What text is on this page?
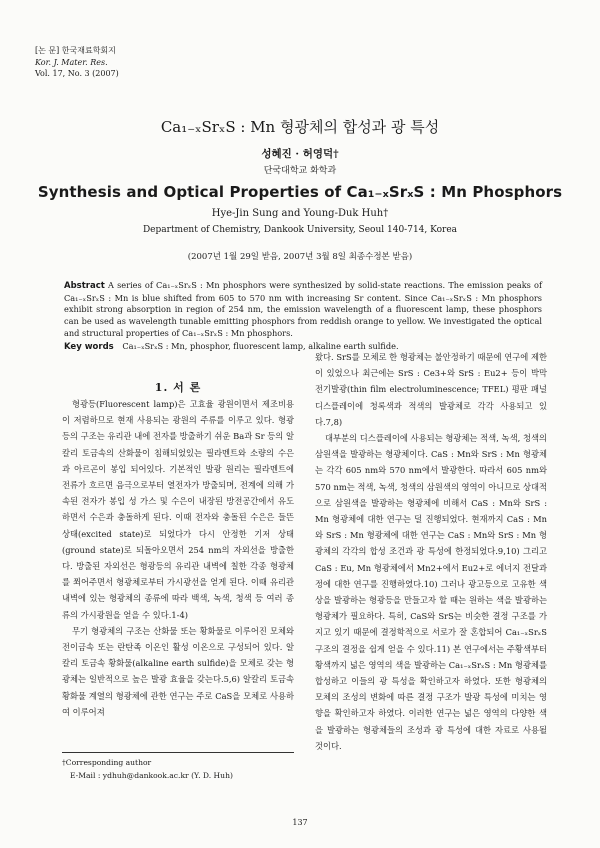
[논 문] 한국재료학회지
Kor. J. Mater. Res.
Vol. 17, No. 3 (2007)
Ca₁₋ₓSrₓS : Mn 형광체의 합성과 광 특성
성혜진 · 허영덕†
단국대학교 화학과
Synthesis and Optical Properties of Ca₁₋ₓSrₓS : Mn Phosphors
Hye-Jin Sung and Young-Duk Huh†
Department of Chemistry, Dankook University, Seoul 140-714, Korea
(2007년 1월 29일 받음, 2007년 3월 8일 최종수정본 받음)
Abstract A series of Ca₁₋ₓSrₓS : Mn phosphors were synthesized by solid-state reactions. The emission peaks of Ca₁₋ₓSrₓS : Mn is blue shifted from 605 to 570 nm with increasing Sr content. Since Ca₁₋ₓSrₓS : Mn phosphors exhibit strong absorption in region of 254 nm, the emission wavelength of a fluorescent lamp, these phosphors can be used as wavelength tunable emitting phosphors from reddish orange to yellow. We investigated the optical and structural properties of Ca₁₋ₓSrₓS : Mn phosphors.
Key words Ca₁₋ₓSrₓS : Mn, phosphor, fluorescent lamp, alkaline earth sulfide.
1. 서 론
형광등(Fluorescent lamp)은 고효율 광원이면서 제조비용이 저렴하므로 현재 사용되는 광원의 주류를 이루고 있다. 형광등의 구조는 유리관 내에 전자를 방출하기 쉬운 Ba과 Sr 등의 알칼리 토금속의 산화물이 침해되었있는 필라멘트와 소량의 수은과 아르곤이 봉입 되어있다. 기본적인 발광 원리는 필라멘트에 전류가 흐르면 음극으로부터 열전자가 방출되며, 전계에 의해 가속된 전자가 봉입 성 가스 및 수은이 내장된 방전공간에서 유도하면서 수은과 충돌하게 된다. 이때 전자와 충돌된 수은은 들뜬 상태(excited state)로 되었다가 다시 안정한 기저 상태(ground state)로 되돌아오면서 254 nm의 자외선을 방출한다. 방출된 자외선은 형광등의 유리관 내벽에 칠한 각종 형광체를 쬐어주면서 형광체로부터 가시광선을 얻게 된다. 이때 유리관 내벽에 있는 형광체의 종류에 따라 백색, 녹색, 청색 등 여러 종류의 가시광원을 얻을 수 있다.1-4)
무기 형광체의 구조는 산화물 또는 황화물로 이루어진 모체와 전이금속 또는 란탄족 이온인 활성 이온으로 구성되어 있다. 알칼리 토금속 황화물(alkaline earth sulfide)을 모체로 갖는 형광체는 일반적으로 높은 발광 효율을 갖는다.5,6) 알칼리 토금속 황화물 계열의 형광체에 관한 연구는 주로 CaS을 모체로 사용하여 이루어져
왔다. SrS를 모체로 한 형광체는 불안정하기 때문에 연구에 제한이 있었으나 최근에는 SrS : Ce3+와 SrS : Eu2+ 등이 박막 전기발광(thin film electroluminescence; TFEL) 평판 패널 디스플레이에 청록색과 적색의 발광체로 각각 사용되고 있다.7,8)
대부분의 디스플레이에 사용되는 형광체는 적색, 녹색, 청색의 삼원색을 발광하는 형광체이다. CaS : Mn와 SrS : Mn 형광체는 각각 605 nm와 570 nm에서 발광한다. 따라서 605 nm와 570 nm는 적색, 녹색, 청색의 삼원색의 영역이 아니므로 상대적으로 삼원색을 발광하는 형광체에 비해서 CaS : Mn와 SrS : Mn 형광체에 대한 연구는 덜 진행되었다. 현재까지 CaS : Mn와 SrS : Mn 형광체에 대한 연구는 CaS : Mn와 SrS : Mn 형광체의 각각의 합성 조건과 광 특성에 한정되었다.9,10) 그리고 CaS : Eu, Mn 형광체에서 Mn2+에서 Eu2+로 에너지 전달과정에 대한 연구를 진행하였다.10) 그러나 광고등으로 고유한 색상을 발광하는 형광등을 만들고자 할 때는 원하는 색을 발광하는 형광체가 필요하다. 특히, CaS와 SrS는 비슷한 결정 구조를 가지고 있기 때문에 결정학적으로 서로가 잘 혼합되어 Ca₁₋ₓSrₓS 구조의 결정을 쉽게 얻을 수 있다.11) 본 연구에서는 주황색부터 황색까지 넓은 영역의 색을 발광하는 Ca₁₋ₓSrₓS : Mn 형광체를 합성하고 이들의 광 특성을 확인하고자 하였다. 또한 형광체의 모체의 조성의 변화에 따른 결정 구조가 발광 특성에 미치는 영향을 확인하고자 하였다. 이러한 연구는 넓은 영역의 다양한 색을 발광하는 형광체들의 조성과 광 특성에 대한 자료로 사용될 것이다.
†Corresponding author
E-Mail : ydhuh@dankook.ac.kr (Y. D. Huh)
137
